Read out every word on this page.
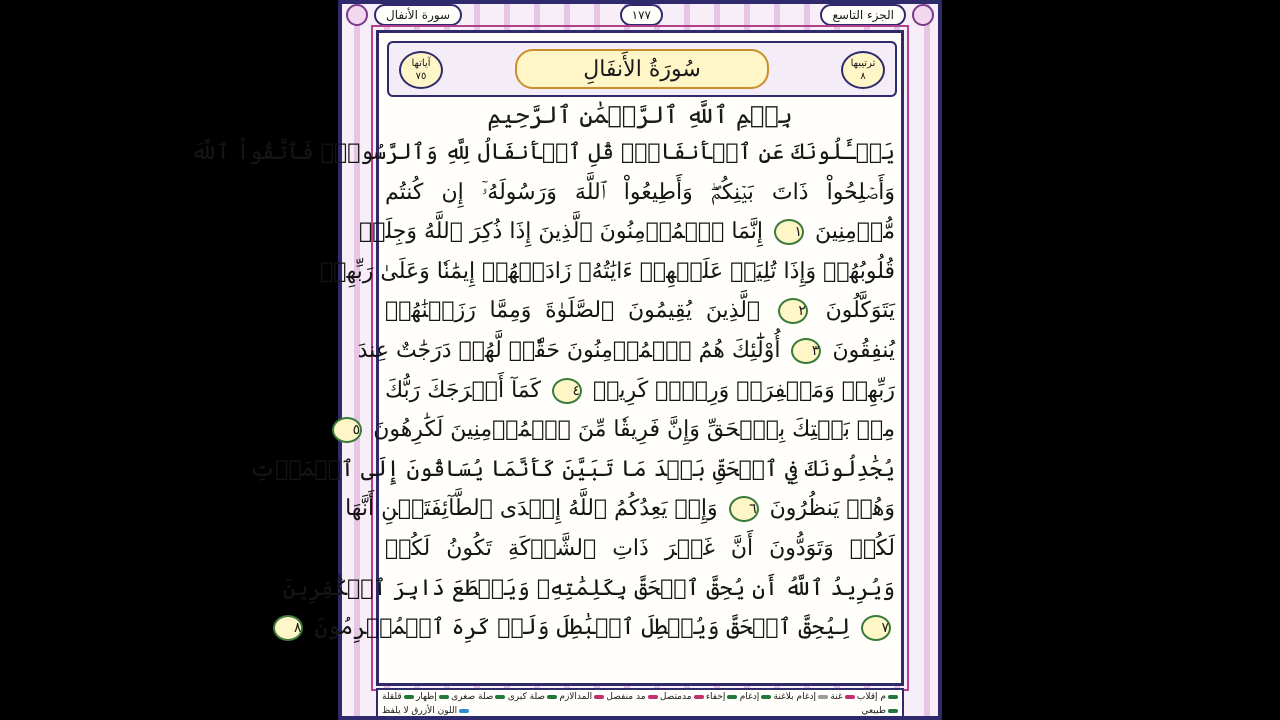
سورة الأنفال	١٧٧	الجزء التاسع
ترتيبها
٨
سُورَةُ الأَنفَالِ
آياتها
٧٥
بِسۡمِ ٱللَّهِ ٱلرَّحۡمَٰنِ ٱلرَّحِيمِ
يَسۡـَٔلُونَكَ عَنِ ٱلۡأَنفَالِۖ قُلِ ٱلۡأَنفَالُ لِلَّهِ وَٱلرَّسُولِۖ فَٱتَّقُواْ ٱللَّهَ
وَأَصۡلِحُواْ ذَاتَ بَيۡنِكُمۡۖ وَأَطِيعُواْ ٱللَّهَ وَرَسُولَهُۥٓ إِن كُنتُم
مُّؤۡمِنِينَ ١ إِنَّمَا ٱلۡمُؤۡمِنُونَ ٱلَّذِينَ إِذَا ذُكِرَ ٱللَّهُ وَجِلَتۡ
قُلُوبُهُمۡ وَإِذَا تُلِيَتۡ عَلَيۡهِمۡ ءَايَٰتُهُۥ زَادَتۡهُمۡ إِيمَٰنٗا وَعَلَىٰ رَبِّهِمۡ
يَتَوَكَّلُونَ ٢ ٱلَّذِينَ يُقِيمُونَ ٱلصَّلَوٰةَ وَمِمَّا رَزَقۡنَٰهُمۡ
يُنفِقُونَ ٣ أُوْلَٰٓئِكَ هُمُ ٱلۡمُؤۡمِنُونَ حَقّٗاۚ لَّهُمۡ دَرَجَٰتٌ عِندَ
رَبِّهِمۡ وَمَغۡفِرَةٞ وَرِزۡقٞ كَرِيمٞ ٤ كَمَآ أَخۡرَجَكَ رَبُّكَ
مِنۢ بَيۡتِكَ بِٱلۡحَقِّ وَإِنَّ فَرِيقٗا مِّنَ ٱلۡمُؤۡمِنِينَ لَكَٰرِهُونَ ٥
يُجَٰدِلُونَكَ فِي ٱلۡحَقِّ بَعۡدَ مَا تَبَيَّنَ كَأَنَّمَا يُسَاقُونَ إِلَى ٱلۡمَوۡتِ
وَهُمۡ يَنظُرُونَ ٦ وَإِذۡ يَعِدُكُمُ ٱللَّهُ إِحۡدَى ٱلطَّآئِفَتَيۡنِ أَنَّهَا
لَكُمۡ وَتَوَدُّونَ أَنَّ غَيۡرَ ذَاتِ ٱلشَّوۡكَةِ تَكُونُ لَكُمۡ
وَيُرِيدُ ٱللَّهُ أَن يُحِقَّ ٱلۡحَقَّ بِكَلِمَٰتِهِۦ وَيَقۡطَعَ دَابِرَ ٱلۡكَٰفِرِينَ
٧ لِيُحِقَّ ٱلۡحَقَّ وَيُبۡطِلَ ٱلۡبَٰطِلَ وَلَوۡ كَرِهَ ٱلۡمُجۡرِمُونَ ٨
م إقلاب
غنة
إدغام بلاغنة
إدغام
إخفاء
مدمتصل
مد منفصل
المدالازم
صلة كبرى
صلة صغرى
إظهار
قلقلة
طبيعي
اللون الأزرق لا يلفظ
